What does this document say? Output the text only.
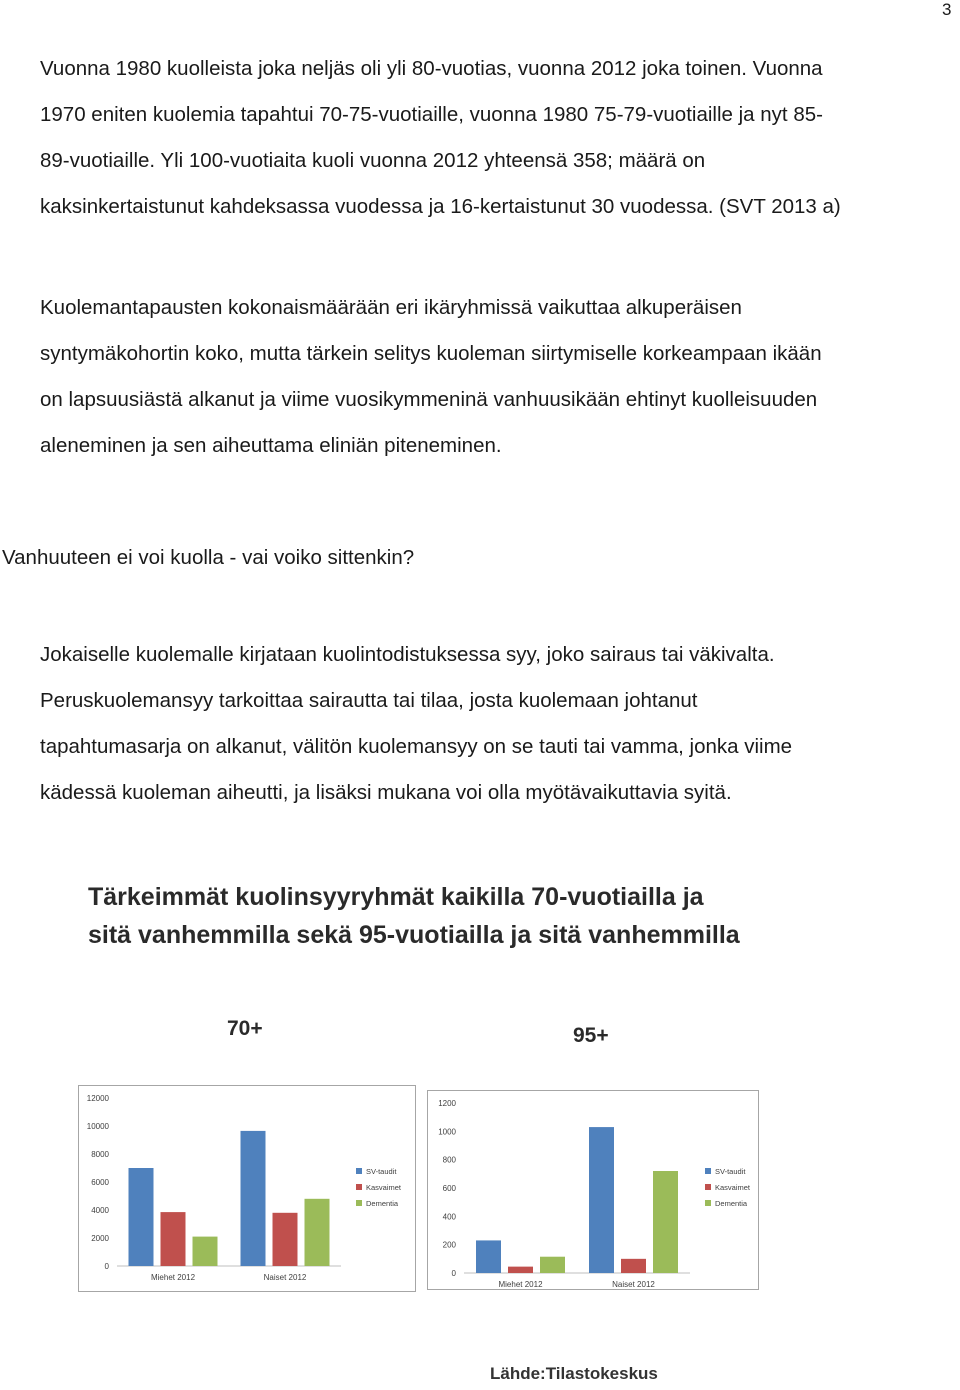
3

Vuonna 1980 kuolleista joka neljäs oli yli 80-vuotias, vuonna 2012 joka toinen. Vuonna
1970 eniten kuolemia tapahtui 70-75-vuotiaille, vuonna 1980 75-79-vuotiaille ja nyt 85-
89-vuotiaille. Yli 100-vuotiaita kuoli vuonna 2012 yhteensä 358; määrä on
kaksinkertaistunut kahdeksassa vuodessa ja 16-kertaistunut 30 vuodessa. (SVT 2013 a)

Kuolemantapausten kokonaismäärään eri ikäryhmissä vaikuttaa alkuperäisen
syntymäkohortin koko, mutta tärkein selitys kuoleman siirtymiselle korkeampaan ikään
on lapsuusiästä alkanut ja viime vuosikymmeninä vanhuusikään ehtinyt kuolleisuuden
aleneminen ja sen aiheuttama eliniän piteneminen.

Vanhuuteen ei voi kuolla - vai voiko sittenkin?

Jokaiselle kuolemalle kirjataan kuolintodistuksessa syy, joko sairaus tai väkivalta.
Peruskuolemansyy tarkoittaa sairautta tai tilaa, josta kuolemaan johtanut
tapahtumasarja on alkanut, välitön kuolemansyy on se tauti tai vamma, jonka viime
kädessä kuoleman aiheutti, ja lisäksi mukana voi olla myötävaikuttavia syitä.

Tärkeimmät kuolinsyyryhmät kaikilla 70-vuotiailla ja
sitä vanhemmilla sekä 95-vuotiailla ja sitä vanhemmilla
70+	95+
0
2000
4000
6000
8000
10000
12000
Miehet 2012	Naiset 2012
SV-taudit
Kasvaimet
Dementia
0
200
400
600
800
1000
1200
Miehet 2012	Naiset 2012
SV-taudit
Kasvaimet
Dementia
Lähde:Tilastokeskus
